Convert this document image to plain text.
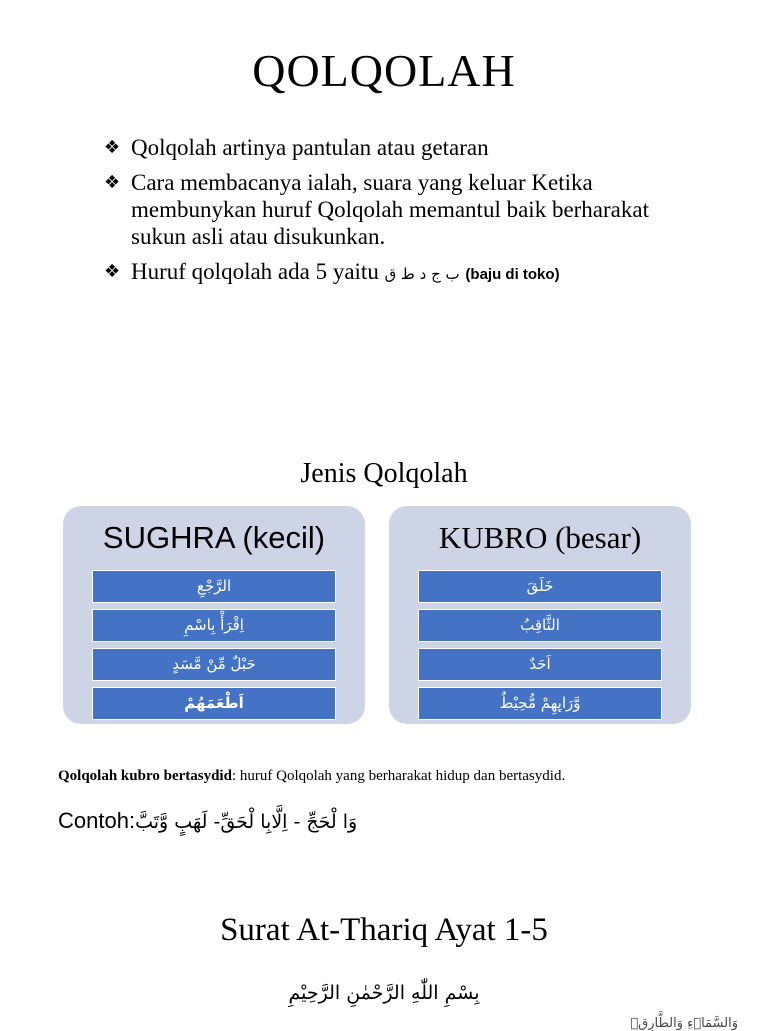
QOLQOLAH
❖ Qolqolah artinya pantulan atau getaran
❖ Cara membacanya ialah, suara yang keluar Ketika membunykan huruf Qolqolah memantul baik berharakat sukun asli atau disukunkan.
❖ Huruf qolqolah ada 5 yaitu ب ج د ط ق (baju di toko)
Jenis Qolqolah
SUGHRA (kecil)
الرَّجْعِ
اِقْرَأْ بِاسْمِ
حَبْلٌ مِّنْ مَّسَدٍ
اَطْعَمَهُمْ
KUBRO (besar)
خَلَقَ
الثَّاقِبُ
اَحَدٌ
وَّرَاىِٕهِمْ مُّحِيْطٌ
Qolqolah kubro bertasydid: huruf Qolqolah yang berharakat hidup dan bertasydid.
Contoh:وَا لْحَجِّ - اِلَّابِا لْحَقِّ- لَهَبٍ وَّتَبَّ
Surat At-Thariq Ayat 1-5
بِسْمِ اللّٰهِ الرَّحْمٰنِ الرَّحِيْمِ
وَالسَّمَاۤءِ وَالطَّارِقِۙ
